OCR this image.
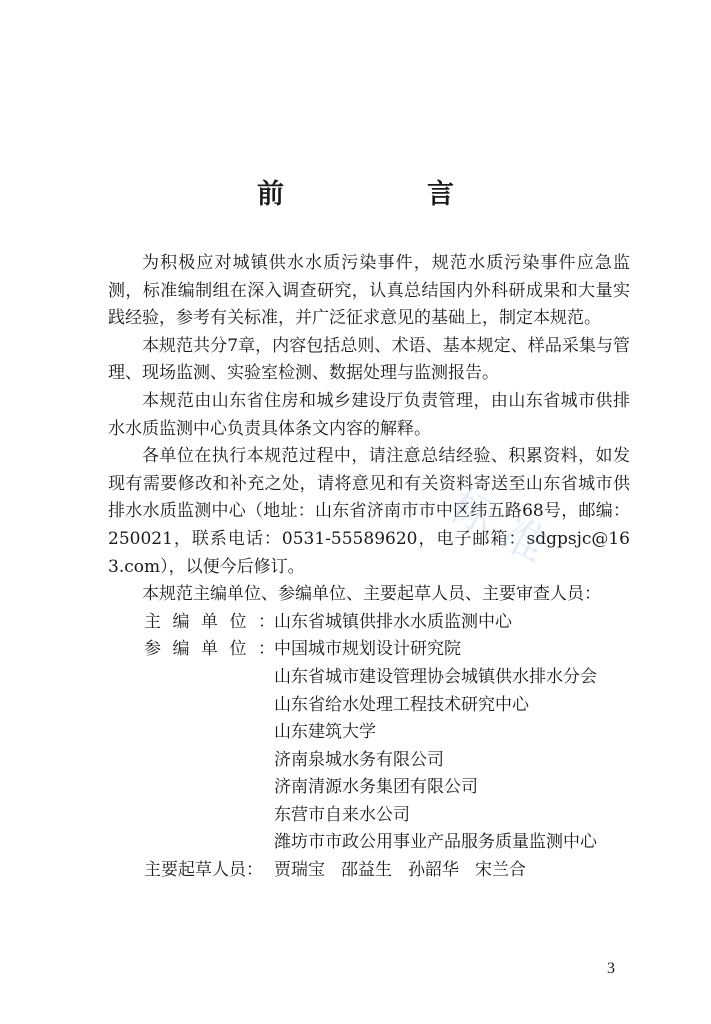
前　言

为积极应对城镇供水水质污染事件，规范水质污染事件应急监测，标准编制组在深入调查研究，认真总结国内外科研成果和大量实践经验，参考有关标准，并广泛征求意见的基础上，制定本规范。

本规范共分7章，内容包括总则、术语、基本规定、样品采集与管理、现场监测、实验室检测、数据处理与监测报告。

本规范由山东省住房和城乡建设厅负责管理，由山东省城市供排水水质监测中心负责具体条文内容的解释。

各单位在执行本规范过程中，请注意总结经验、积累资料，如发现有需要修改和补充之处，请将意见和有关资料寄送至山东省城市供排水水质监测中心（地址：山东省济南市市中区纬五路68号，邮编：250021，联系电话：0531-55589620，电子邮箱：sdgpsjc@163.com），以便今后修订。

本规范主编单位、参编单位、主要起草人员、主要审查人员：

主编单位： 山东省城镇供排水水质监测中心
参编单位： 中国城市规划设计研究院
山东省城市建设管理协会城镇供水排水分会
山东省给水处理工程技术研究中心
山东建筑大学
济南泉城水务有限公司
济南清源水务集团有限公司
东营市自来水公司
潍坊市市政公用事业产品服务质量监测中心
主要起草人员： 贾瑞宝 邵益生 孙韶华 宋兰合
3
标准
